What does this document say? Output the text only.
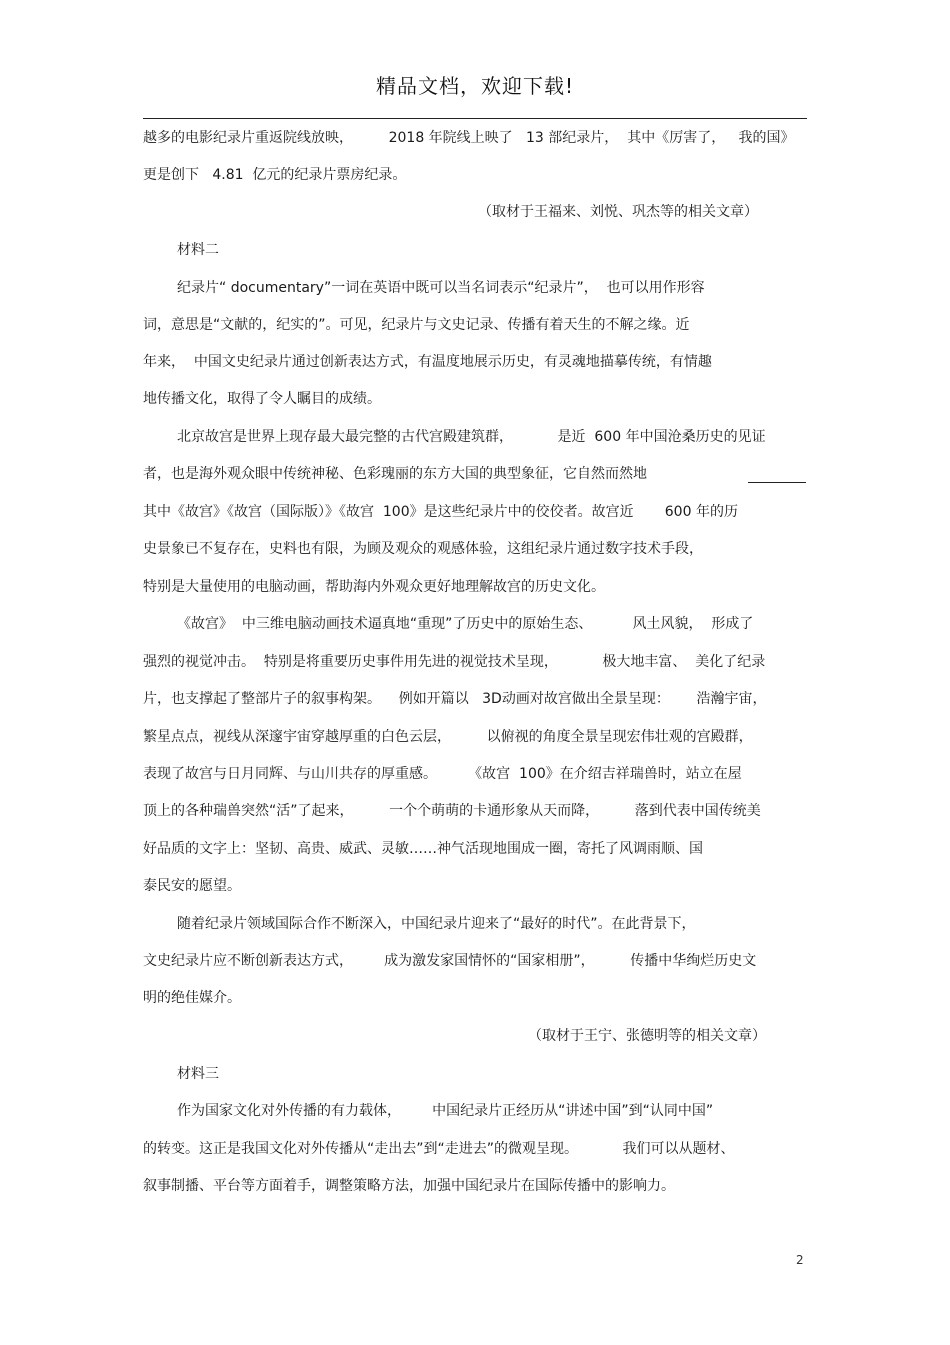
精品文档，欢迎下载!
越多的电影纪录片重返院线放映，        2018 年院线上映了   13 部纪录片，  其中《厉害了，   我的国》
更是创下   4.81  亿元的纪录片票房纪录。
（取材于王福来、刘悦、巩杰等的相关文章）
材料二
纪录片“ documentary”一词在英语中既可以当名词表示“纪录片”，  也可以用作形容
词，意思是“文献的，纪实的”。可见，纪录片与文史记录、传播有着天生的不解之缘。近
年来，  中国文史纪录片通过创新表达方式，有温度地展示历史，有灵魂地描摹传统，有情趣
地传播文化，取得了令人瞩目的成绩。
北京故宫是世界上现存最大最完整的古代宫殿建筑群，          是近  600 年中国沧桑历史的见证
者，也是海外观众眼中传统神秘、色彩瑰丽的东方大国的典型象征，它自然而然地
其中《故宫》《故宫（国际版）》《故宫  100》是这些纪录片中的佼佼者。故宫近       600 年的历
史景象已不复存在，史料也有限，为顾及观众的观感体验，这组纪录片通过数字技术手段，
特别是大量使用的电脑动画，帮助海内外观众更好地理解故宫的历史文化。
《故宫》  中三维电脑动画技术逼真地“重现”了历史中的原始生态、         风土风貌，  形成了
强烈的视觉冲击。  特别是将重要历史事件用先进的视觉技术呈现，          极大地丰富、  美化了纪录
片，也支撑起了整部片子的叙事构架。    例如开篇以   3D动画对故宫做出全景呈现：      浩瀚宇宙，
繁星点点，视线从深邃宇宙穿越厚重的白色云层，        以俯视的角度全景呈现宏伟壮观的宫殿群，
表现了故宫与日月同辉、与山川共存的厚重感。       《故宫  100》在介绍吉祥瑞兽时，站立在屋
顶上的各种瑞兽突然“活”了起来，        一个个萌萌的卡通形象从天而降，        落到代表中国传统美
好品质的文字上：坚韧、高贵、威武、灵敏……神气活现地围成一圈，寄托了风调雨顺、国
泰民安的愿望。
随着纪录片领域国际合作不断深入，中国纪录片迎来了“最好的时代”。在此背景下，
文史纪录片应不断创新表达方式，       成为激发家国情怀的“国家相册”，        传播中华绚烂历史文
明的绝佳媒介。
（取材于王宁、张德明等的相关文章）
材料三
作为国家文化对外传播的有力载体，       中国纪录片正经历从“讲述中国”到“认同中国”
的转变。这正是我国文化对外传播从“走出去”到“走进去”的微观呈现。          我们可以从题材、
叙事制播、平台等方面着手，调整策略方法，加强中国纪录片在国际传播中的影响力。
2
